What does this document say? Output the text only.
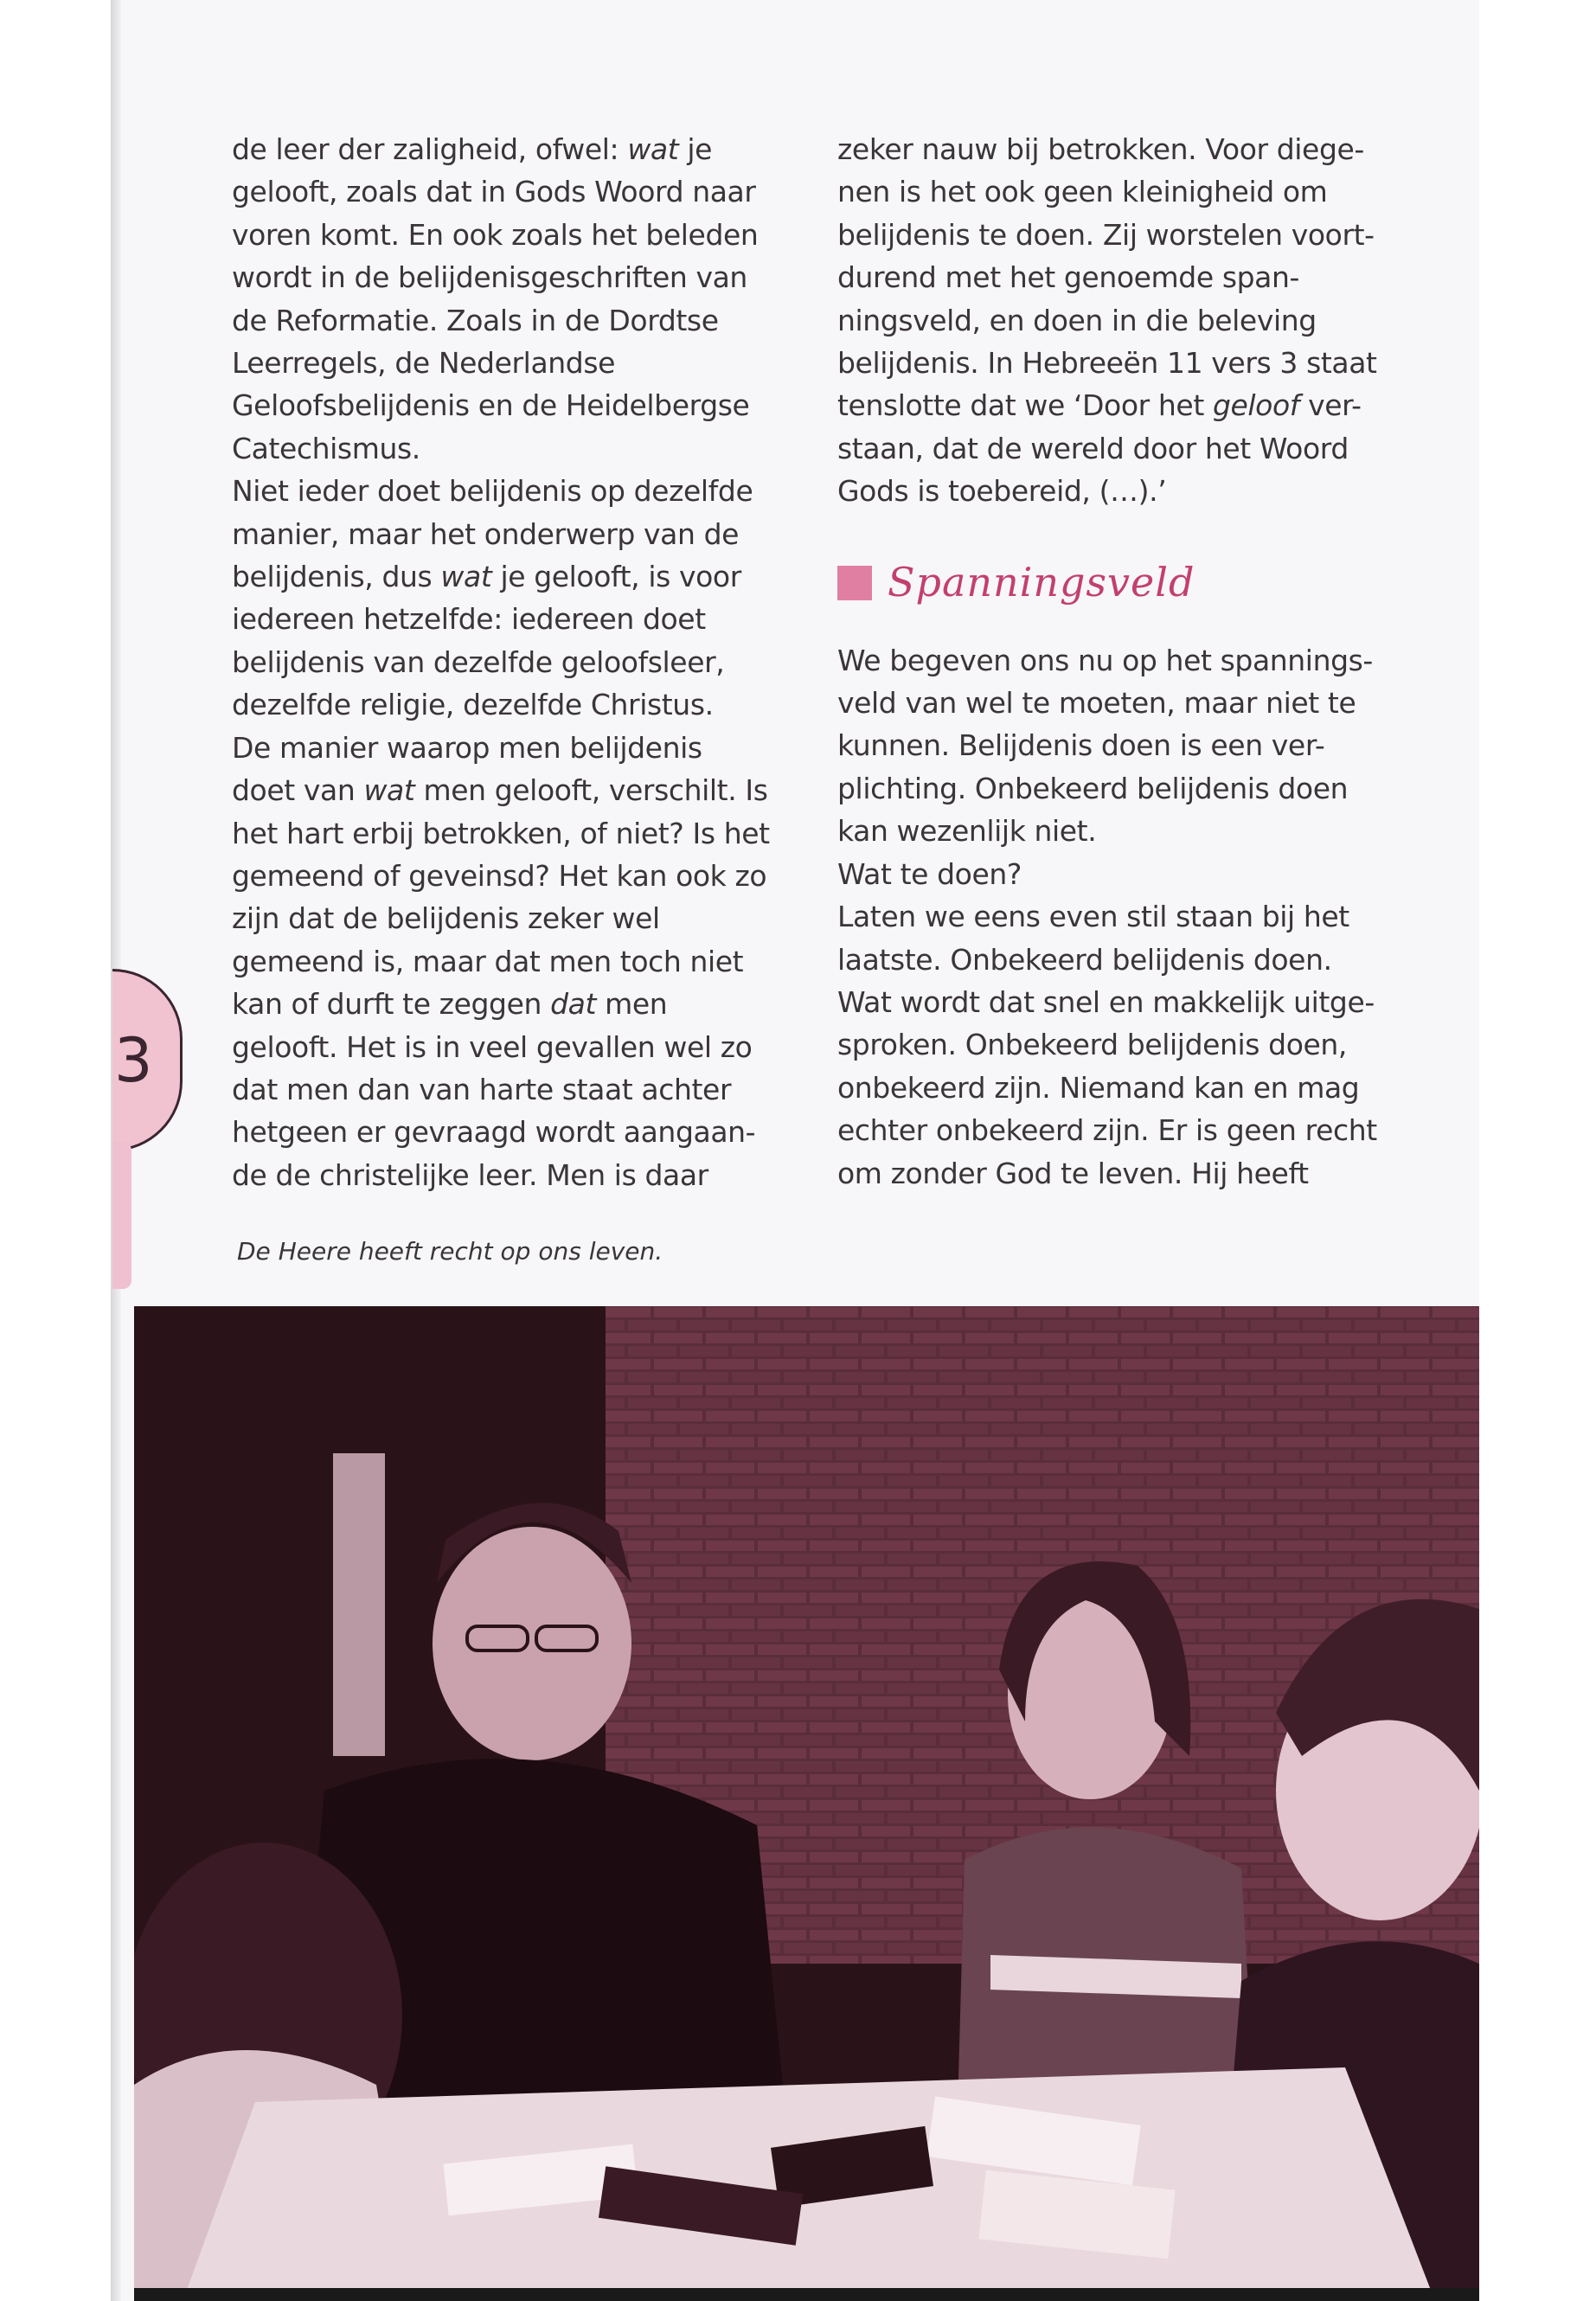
3

de leer der zaligheid, ofwel: wat je
gelooft, zoals dat in Gods Woord naar
voren komt. En ook zoals het beleden
wordt in de belijdenisgeschriften van
de Reformatie. Zoals in de Dordtse
Leerregels, de Nederlandse
Geloofsbelijdenis en de Heidelbergse
Catechismus.
Niet ieder doet belijdenis op dezelfde
manier, maar het onderwerp van de
belijdenis, dus wat je gelooft, is voor
iedereen hetzelfde: iedereen doet
belijdenis van dezelfde geloofsleer,
dezelfde religie, dezelfde Christus.
De manier waarop men belijdenis
doet van wat men gelooft, verschilt. Is
het hart erbij betrokken, of niet? Is het
gemeend of geveinsd? Het kan ook zo
zijn dat de belijdenis zeker wel
gemeend is, maar dat men toch niet
kan of durft te zeggen dat men
gelooft. Het is in veel gevallen wel zo
dat men dan van harte staat achter
hetgeen er gevraagd wordt aangaan-
de de christelijke leer. Men is daar

zeker nauw bij betrokken. Voor diege-
nen is het ook geen kleinigheid om
belijdenis te doen. Zij worstelen voort-
durend met het genoemde span-
ningsveld, en doen in die beleving
belijdenis. In Hebreeën 11 vers 3 staat
tenslotte dat we ‘Door het geloof ver-
staan, dat de wereld door het Woord
Gods is toebereid, (…).’

Spanningsveld

We begeven ons nu op het spannings-
veld van wel te moeten, maar niet te
kunnen. Belijdenis doen is een ver-
plichting. Onbekeerd belijdenis doen
kan wezenlijk niet.
Wat te doen?
Laten we eens even stil staan bij het
laatste. Onbekeerd belijdenis doen.
Wat wordt dat snel en makkelijk uitge-
sproken. Onbekeerd belijdenis doen,
onbekeerd zijn. Niemand kan en mag
echter onbekeerd zijn. Er is geen recht
om zonder God te leven. Hij heeft

De Heere heeft recht op ons leven.
